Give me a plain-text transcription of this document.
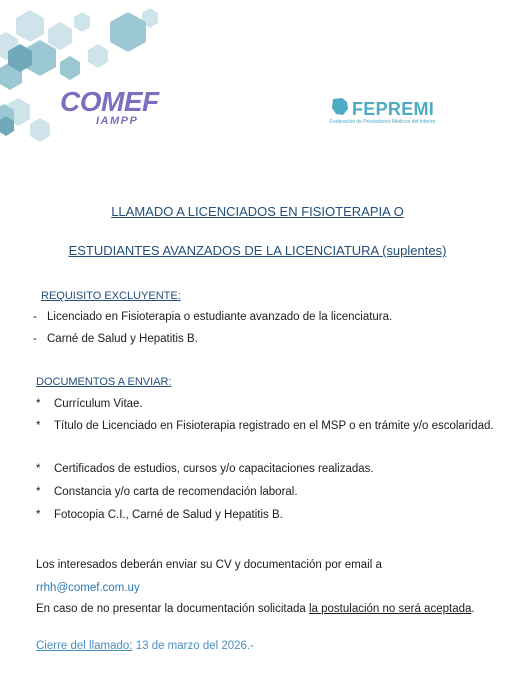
COMEF
IAMPP
FEPREMI
Federación de Prestadores Médicos del Interior
LLAMADO A LICENCIADOS EN FISIOTERAPIA O
ESTUDIANTES AVANZADOS DE LA LICENCIATURA (suplentes)
REQUISITO EXCLUYENTE:
- Licenciado en Fisioterapia o estudiante avanzado de la licenciatura.
- Carné de Salud y Hepatitis B.
DOCUMENTOS A ENVIAR:
* Currículum Vitae.
* Título de Licenciado en Fisioterapia registrado en el MSP o en trámite y/o escolaridad.
* Certificados de estudios, cursos y/o capacitaciones realizadas.
* Constancia y/o carta de recomendación laboral.
* Fotocopia C.I., Carné de Salud y Hepatitis B.
Los interesados deberán enviar su CV y documentación por email a
rrhh@comef.com.uy
En caso de no presentar la documentación solicitada la postulación no será aceptada.
Cierre del llamado: 13 de marzo del 2026.-
